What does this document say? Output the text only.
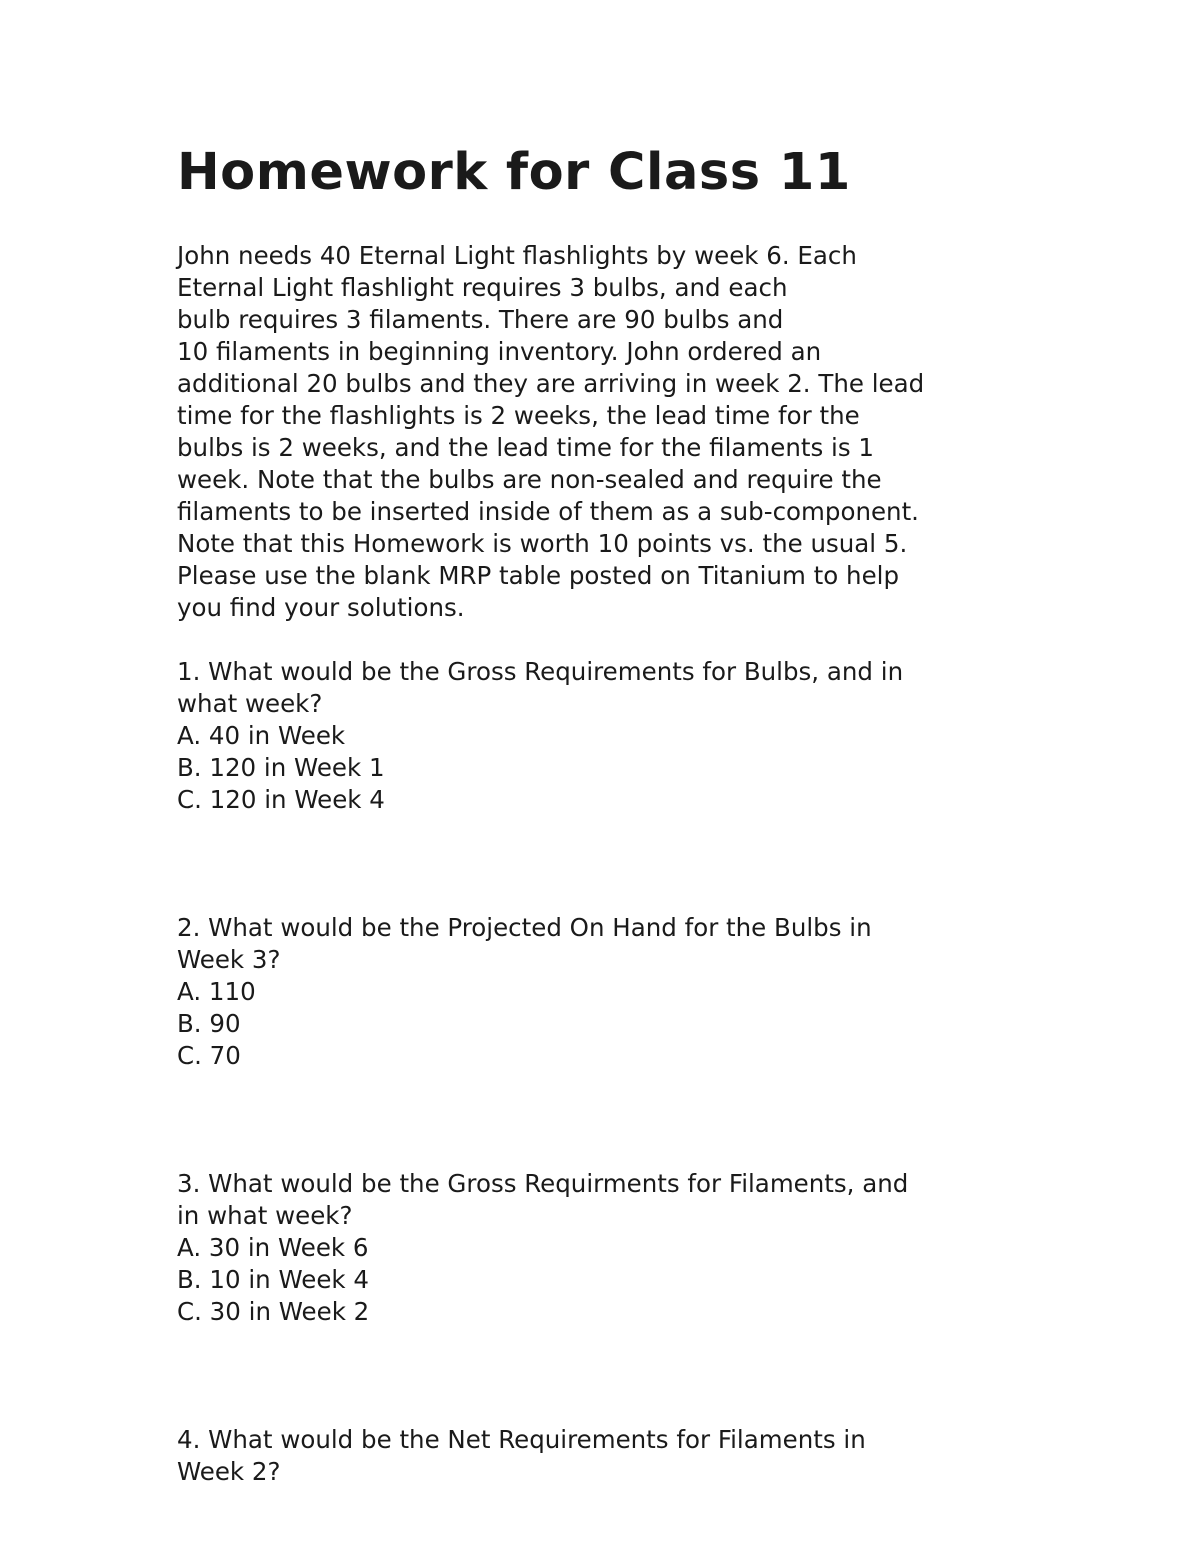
Homework for Class 11
John needs 40 Eternal Light flashlights by week 6. Each
Eternal Light flashlight requires 3 bulbs, and each
bulb requires 3 filaments. There are 90 bulbs and
10 filaments in beginning inventory. John ordered an
additional 20 bulbs and they are arriving in week 2. The lead
time for the flashlights is 2 weeks, the lead time for the
bulbs is 2 weeks, and the lead time for the filaments is 1
week. Note that the bulbs are non-sealed and require the
filaments to be inserted inside of them as a sub-component.
Note that this Homework is worth 10 points vs. the usual 5.
Please use the blank MRP table posted on Titanium to help
you find your solutions.
1. What would be the Gross Requirements for Bulbs, and in
what week?
A. 40 in Week
B. 120 in Week 1
C. 120 in Week 4
2. What would be the Projected On Hand for the Bulbs in
Week 3?
A. 110
B. 90
C. 70
3. What would be the Gross Requirments for Filaments, and
in what week?
A. 30 in Week 6
B. 10 in Week 4
C. 30 in Week 2
4. What would be the Net Requirements for Filaments in
Week 2?
